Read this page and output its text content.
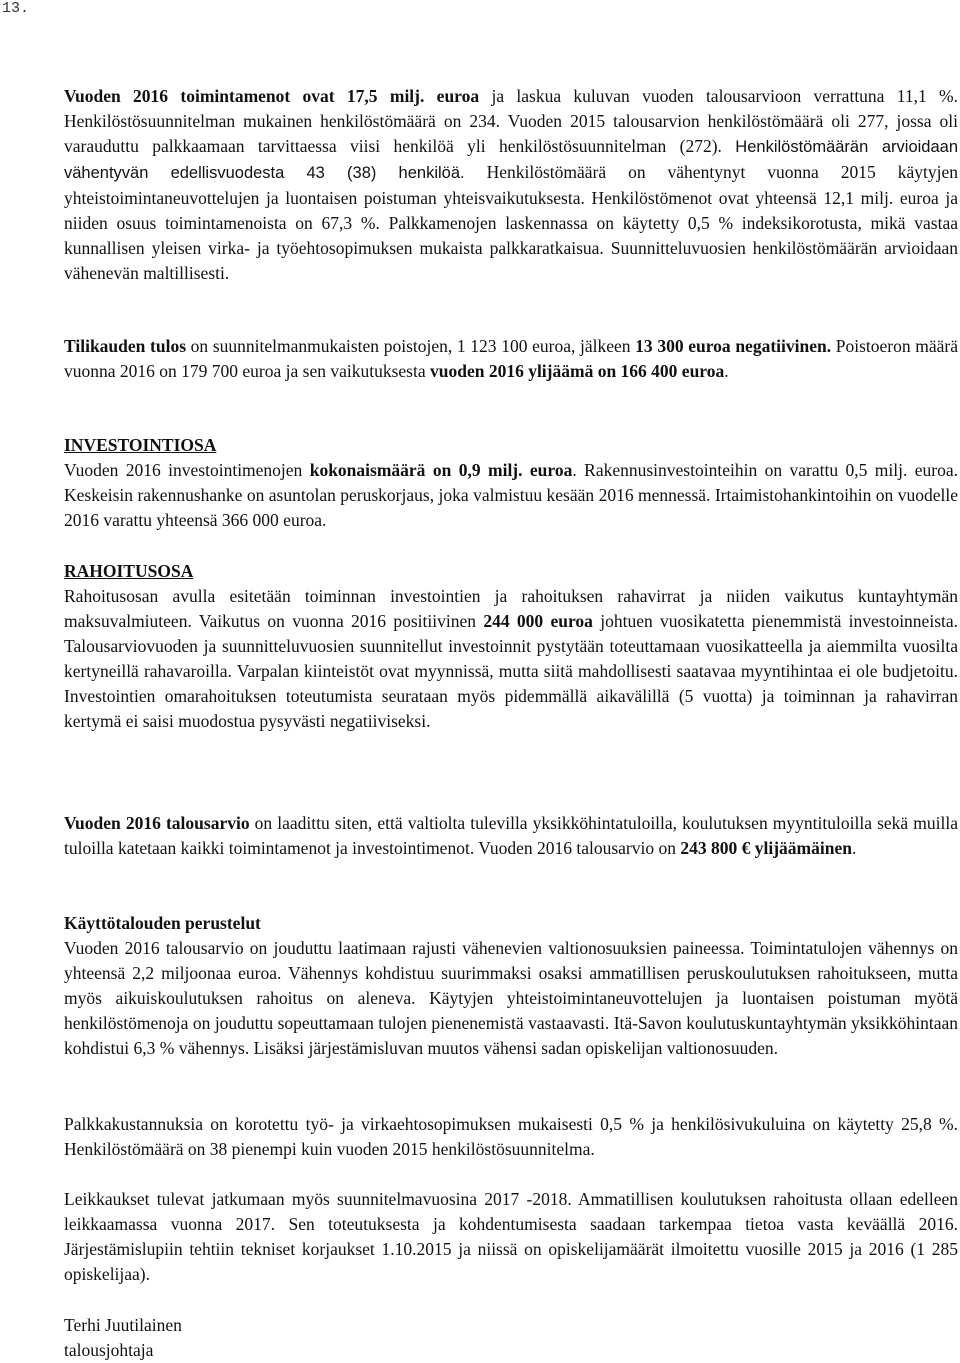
13.

Vuoden 2016 toimintamenot ovat 17,5 milj. euroa ja laskua kuluvan vuoden talousarvioon verrattuna 11,1 %. Henkilöstösuunnitelman mukainen henkilöstömäärä on 234. Vuoden 2015 talousarvion henkilöstömäärä oli 277, jossa oli varauduttu palkkaamaan tarvittaessa viisi henkilöä yli henkilöstösuunnitelman (272). Henkilöstömäärän arvioidaan vähentyvän edellisvuodesta 43 (38) henkilöä. Henkilöstömäärä on vähentynyt vuonna 2015 käytyjen yhteistoimintaneuvottelujen ja luontaisen poistuman yhteisvaikutuksesta. Henkilöstömenot ovat yhteensä 12,1 milj. euroa ja niiden osuus toimintamenoista on 67,3 %. Palkkamenojen laskennassa on käytetty 0,5 % indeksikorotusta, mikä vastaa kunnallisen yleisen virka- ja työehtosopimuksen mukaista palkkaratkaisua. Suunnitteluvuosien henkilöstömäärän arvioidaan vähenevän maltillisesti.

Tilikauden tulos on suunnitelmanmukaisten poistojen, 1 123 100 euroa, jälkeen 13 300 euroa negatiivinen. Poistoeron määrä vuonna 2016 on 179 700 euroa ja sen vaikutuksesta vuoden 2016 ylijäämä on 166 400 euroa.

INVESTOINTIOSA

Vuoden 2016 investointimenojen kokonaismäärä on 0,9 milj. euroa. Rakennusinvestointeihin on varattu 0,5 milj. euroa. Keskeisin rakennushanke on asuntolan peruskorjaus, joka valmistuu kesään 2016 mennessä. Irtaimistohankintoihin on vuodelle 2016 varattu yhteensä 366 000 euroa.

RAHOITUSOSA

Rahoitusosan avulla esitetään toiminnan investointien ja rahoituksen rahavirrat ja niiden vaikutus kuntayhtymän maksuvalmiuteen. Vaikutus on vuonna 2016 positiivinen 244 000 euroa johtuen vuosikatetta pienemmistä investoinneista. Talousarviovuoden ja suunnitteluvuosien suunnitellut investoinnit pystytään toteuttamaan vuosikatteella ja aiemmilta vuosilta kertyneillä rahavaroilla. Varpalan kiinteistöt ovat myynnissä, mutta siitä mahdollisesti saatavaa myyntihintaa ei ole budjetoitu. Investointien omarahoituksen toteutumista seurataan myös pidemmällä aikavälillä (5 vuotta) ja toiminnan ja rahavirran kertymä ei saisi muodostua pysyvästi negatiiviseksi.

Vuoden 2016 talousarvio on laadittu siten, että valtiolta tulevilla yksikköhintatuloilla, koulutuksen myyntituloilla sekä muilla tuloilla katetaan kaikki toimintamenot ja investointimenot. Vuoden 2016 talousarvio on 243 800 € ylijäämäinen.

Käyttötalouden perustelut

Vuoden 2016 talousarvio on jouduttu laatimaan rajusti vähenevien valtionosuuksien paineessa. Toimintatulojen vähennys on yhteensä 2,2 miljoonaa euroa. Vähennys kohdistuu suurimmaksi osaksi ammatillisen peruskoulutuksen rahoitukseen, mutta myös aikuiskoulutuksen rahoitus on aleneva. Käytyjen yhteistoimintaneuvottelujen ja luontaisen poistuman myötä henkilöstömenoja on jouduttu sopeuttamaan tulojen pienenemistä vastaavasti. Itä-Savon koulutuskuntayhtymän yksikköhintaan kohdistui 6,3 % vähennys. Lisäksi järjestämisluvan muutos vähensi sadan opiskelijan valtionosuuden.

Palkkakustannuksia on korotettu työ- ja virkaehtosopimuksen mukaisesti 0,5 % ja henkilösivukuluina on käytetty 25,8 %. Henkilöstömäärä on 38 pienempi kuin vuoden 2015 henkilöstösuunnitelma.

Leikkaukset tulevat jatkumaan myös suunnitelmavuosina 2017 -2018. Ammatillisen koulutuksen rahoitusta ollaan edelleen leikkaamassa vuonna 2017. Sen toteutuksesta ja kohdentumisesta saadaan tarkempaa tietoa vasta keväällä 2016. Järjestämislupiin tehtiin tekniset korjaukset 1.10.2015 ja niissä on opiskelijamäärät ilmoitettu vuosille 2015 ja 2016 (1 285 opiskelijaa).

Terhi Juutilainen

talousjohtaja
